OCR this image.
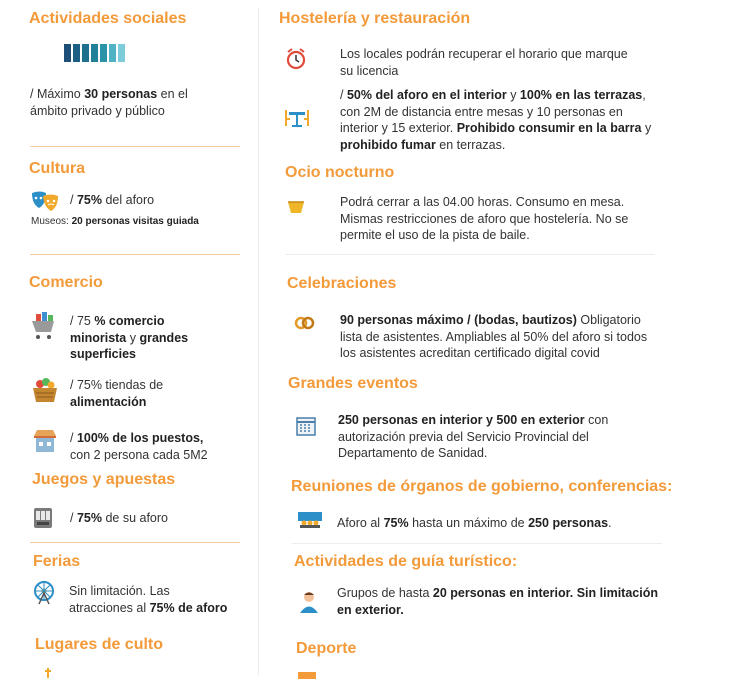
Actividades sociales
/ Máximo 30 personas en el
ámbito privado y público
Cultura
/ 75% del aforo
Museos: 20 personas visitas guiada
Comercio
/ 75 % comercio
minorista y grandes
superficies
/ 75% tiendas de
alimentación
/ 100% de los puestos,
con 2 persona cada 5M2
Juegos y apuestas
/ 75% de su aforo
Ferias
Sin limitación. Las
atracciones al 75% de aforo
Lugares de culto
Hostelería y restauración
Los locales podrán recuperar el horario que marque
su licencia
/ 50% del aforo en el interior y 100% en las terrazas,
con 2M de distancia entre mesas y 10 personas en
interior y 15 exterior. Prohibido consumir en la barra y
prohibido fumar en terrazas.
Ocio nocturno
Podrá cerrar a las 04.00 horas. Consumo en mesa.
Mismas restricciones de aforo que hostelería. No se
permite el uso de la pista de baile.
Celebraciones
90 personas máximo / (bodas, bautizos) Obligatorio
lista de asistentes. Ampliables al 50% del aforo si todos
los asistentes acreditan certificado digital covid
Grandes eventos
250 personas en interior y 500 en exterior con
autorización previa del Servicio Provincial del
Departamento de Sanidad.
Reuniones de órganos de gobierno, conferencias:
Aforo al 75% hasta un máximo de 250 personas.
Actividades de guía turístico:
Grupos de hasta 20 personas en interior. Sin limitación
en exterior.
Deporte
